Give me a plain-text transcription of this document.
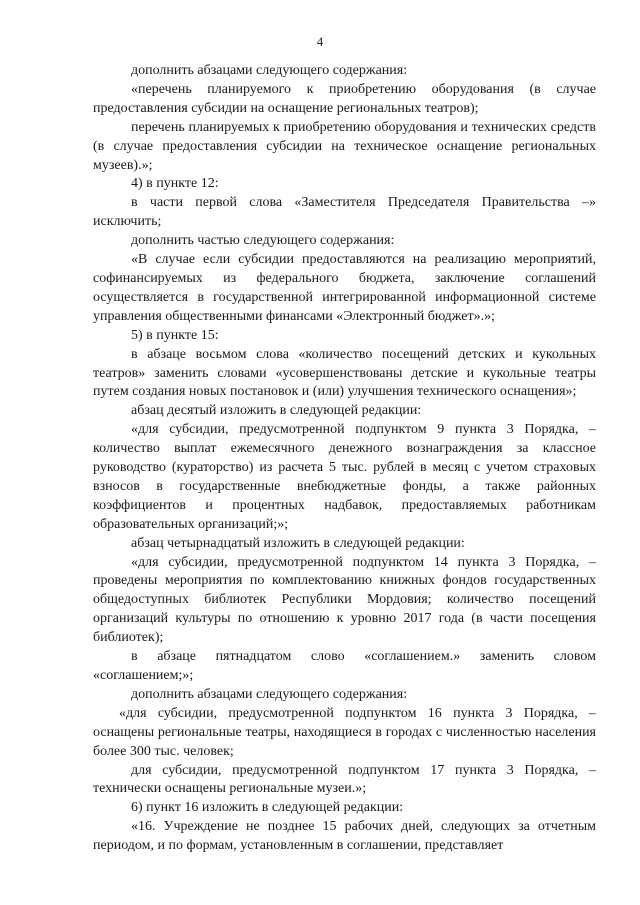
4

дополнить абзацами следующего содержания:

«перечень планируемого к приобретению оборудования (в случае предоставления субсидии на оснащение региональных театров);

перечень планируемых к приобретению оборудования и технических средств (в случае предоставления субсидии на техническое оснащение региональных музеев).»;

4) в пункте 12:

в части первой слова «Заместителя Председателя Правительства –» исключить;

дополнить частью следующего содержания:

«В случае если субсидии предоставляются на реализацию мероприятий, софинансируемых из федерального бюджета, заключение соглашений осуществляется в государственной интегрированной информационной системе управления общественными финансами «Электронный бюджет».»;

5) в пункте 15:

в абзаце восьмом слова «количество посещений детских и кукольных театров» заменить словами «усовершенствованы детские и кукольные театры путем создания новых постановок и (или) улучшения технического оснащения»;

абзац десятый изложить в следующей редакции:

«для субсидии, предусмотренной подпунктом 9 пункта 3 Порядка, – количество выплат ежемесячного денежного вознаграждения за классное руководство (кураторство) из расчета 5 тыс. рублей в месяц с учетом страховых взносов в государственные внебюджетные фонды, а также районных коэффициентов и процентных надбавок, предоставляемых работникам образовательных организаций;»;

абзац четырнадцатый изложить в следующей редакции:

«для субсидии, предусмотренной подпунктом 14 пункта 3 Порядка, – проведены мероприятия по комплектованию книжных фондов государственных общедоступных библиотек Республики Мордовия; количество посещений организаций культуры по отношению к уровню 2017 года (в части посещения библиотек);

в абзаце пятнадцатом слово «соглашением.» заменить словом «соглашением;»;

дополнить абзацами следующего содержания:

«для субсидии, предусмотренной подпунктом 16 пункта 3 Порядка, – оснащены региональные театры, находящиеся в городах с численностью населения более 300 тыс. человек;

для субсидии, предусмотренной подпунктом 17 пункта 3 Порядка, – технически оснащены региональные музеи.»;

6) пункт 16 изложить в следующей редакции:

«16. Учреждение не позднее 15 рабочих дней, следующих за отчетным периодом, и по формам, установленным в соглашении, представляет
